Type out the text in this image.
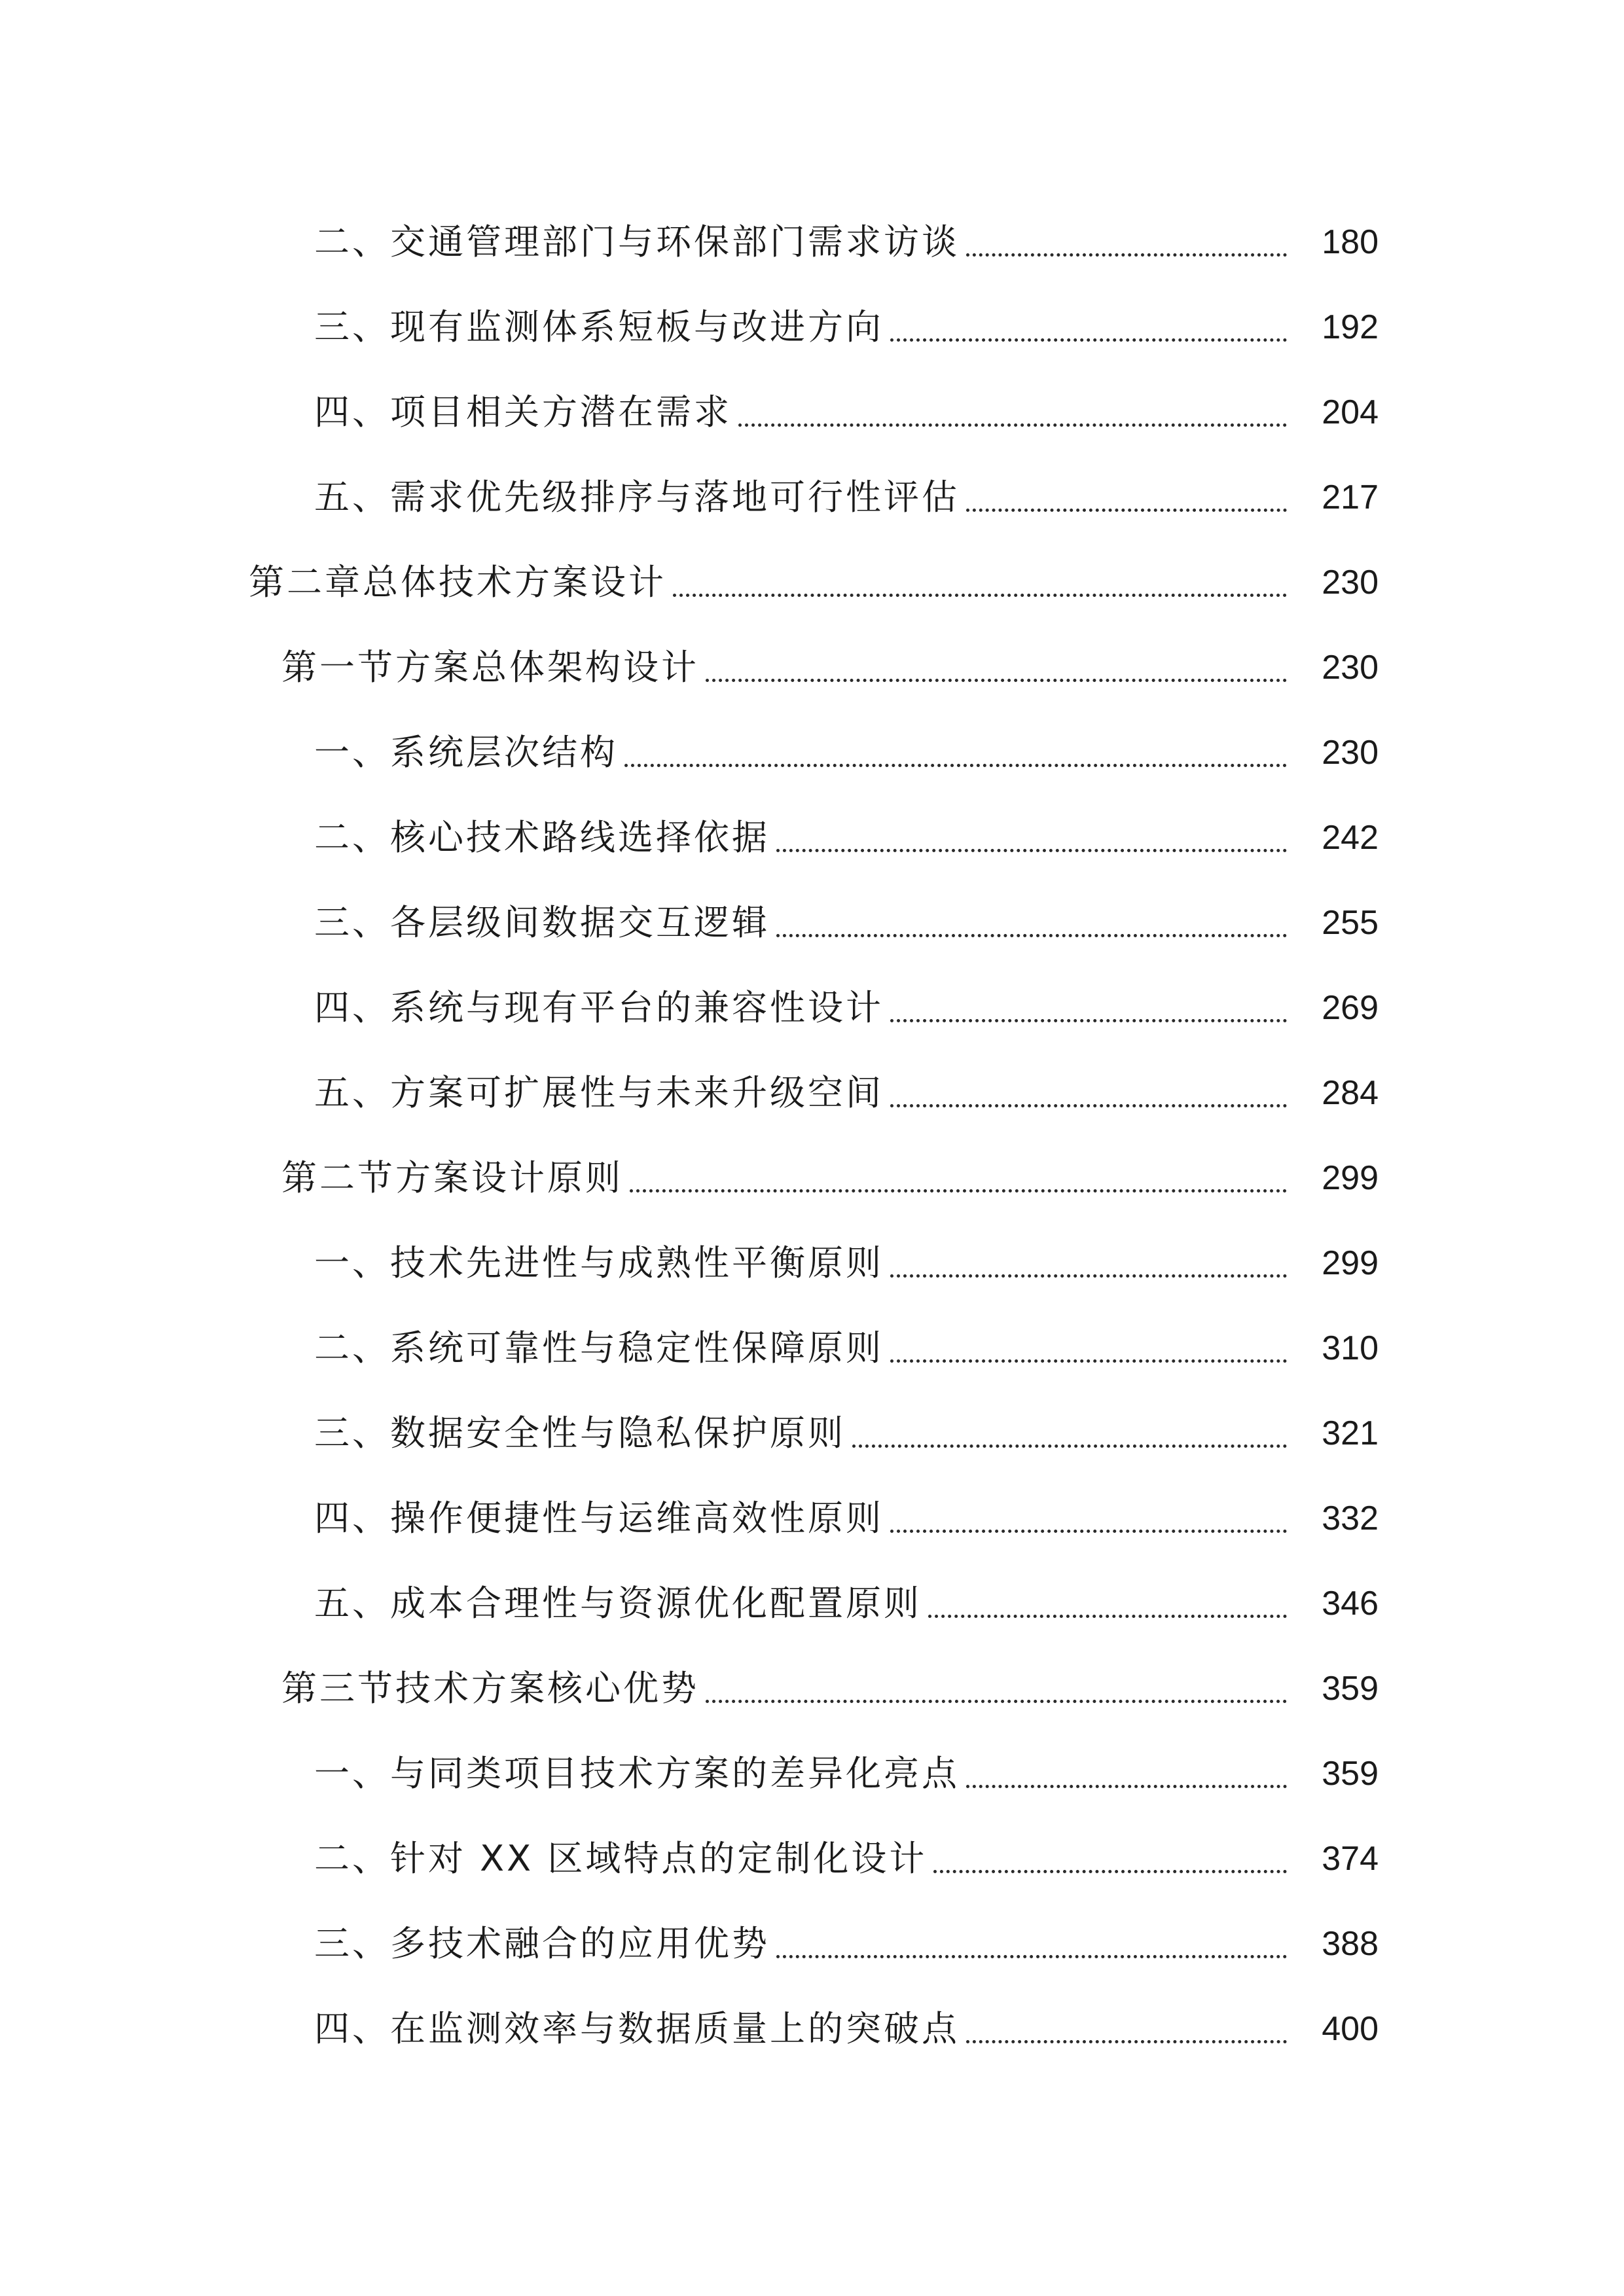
二、交通管理部门与环保部门需求访谈	180
三、现有监测体系短板与改进方向	192
四、项目相关方潜在需求	204
五、需求优先级排序与落地可行性评估	217
第二章总体技术方案设计	230
第一节方案总体架构设计	230
一、系统层次结构	230
二、核心技术路线选择依据	242
三、各层级间数据交互逻辑	255
四、系统与现有平台的兼容性设计	269
五、方案可扩展性与未来升级空间	284
第二节方案设计原则	299
一、技术先进性与成熟性平衡原则	299
二、系统可靠性与稳定性保障原则	310
三、数据安全性与隐私保护原则	321
四、操作便捷性与运维高效性原则	332
五、成本合理性与资源优化配置原则	346
第三节技术方案核心优势	359
一、与同类项目技术方案的差异化亮点	359
二、针对 XX 区域特点的定制化设计	374
三、多技术融合的应用优势	388
四、在监测效率与数据质量上的突破点	400
